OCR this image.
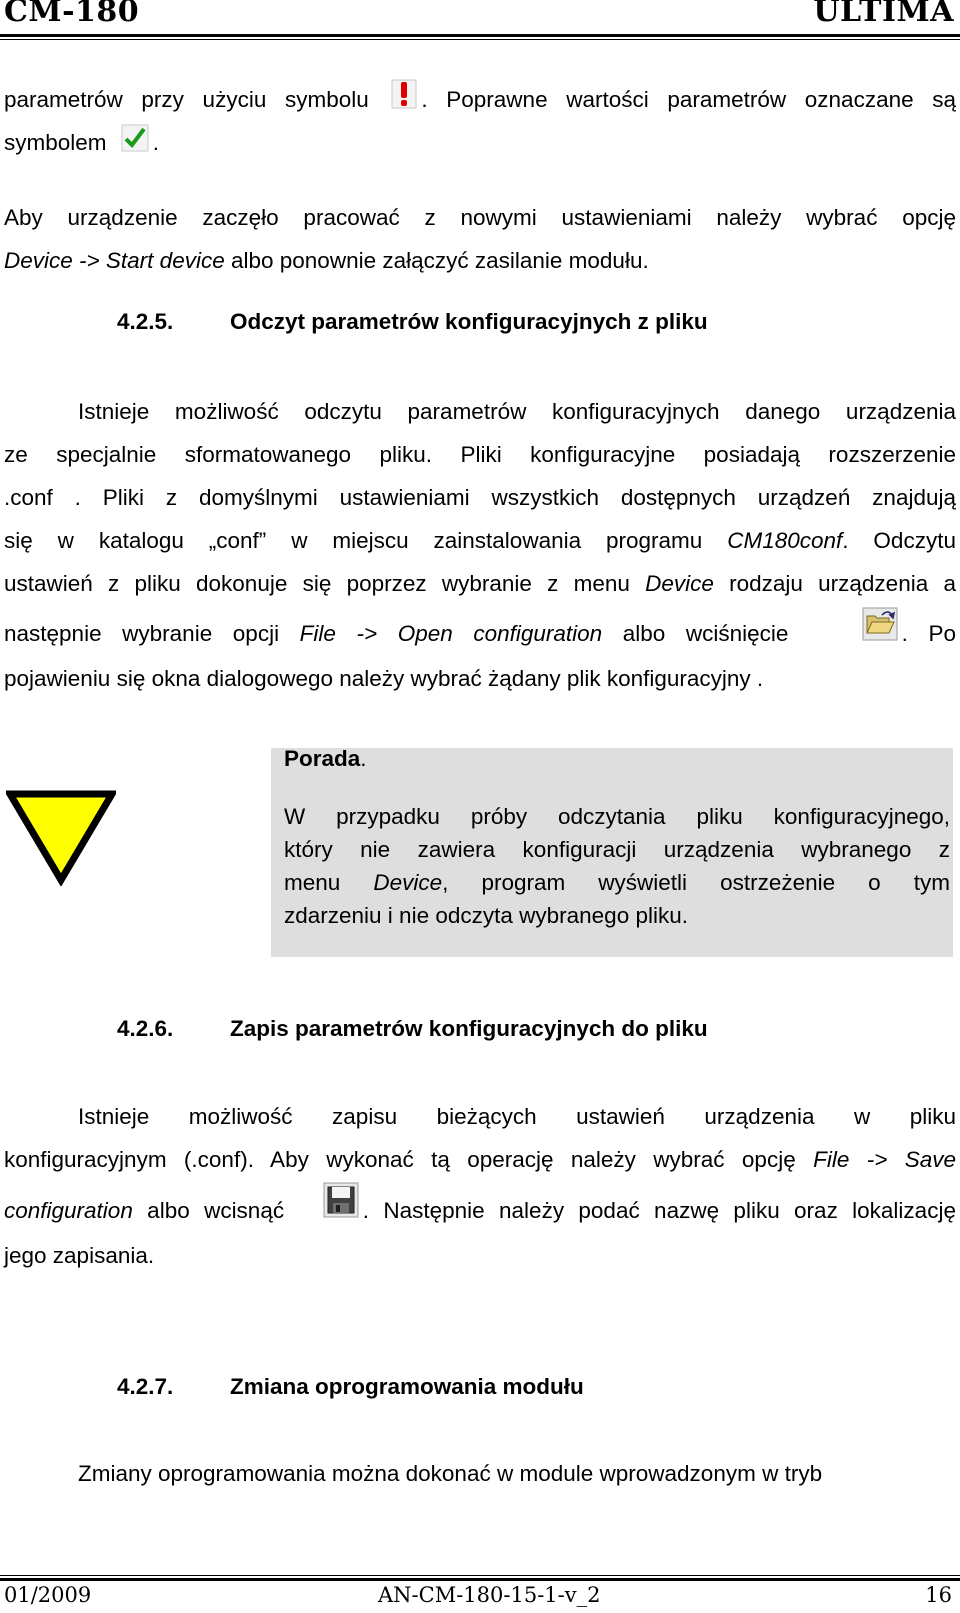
CM-180	ULTIMA
parametrów przy użyciu symbolu . Poprawne wartości parametrów oznaczane są
symbolem .
Aby urządzenie zaczęło pracować z nowymi ustawieniami należy wybrać opcję
Device -> Start device albo ponownie załączyć zasilanie modułu.
4.2.5.	Odczyt parametrów konfiguracyjnych z pliku
Istnieje możliwość odczytu parametrów konfiguracyjnych danego urządzenia
ze specjalnie sformatowanego pliku. Pliki konfiguracyjne posiadają rozszerzenie
.conf . Pliki z domyślnymi ustawieniami wszystkich dostępnych urządzeń znajdują
się w katalogu „conf” w miejscu zainstalowania programu CM180conf. Odczytu
ustawień z pliku dokonuje się poprzez wybranie z menu Device rodzaju urządzenia a
następnie wybranie opcji File -> Open configuration albo wciśnięcie	. Po
pojawieniu się okna dialogowego należy wybrać żądany plik konfiguracyjny .
Porada.
W przypadku próby odczytania pliku konfiguracyjnego,
który nie zawiera konfiguracji urządzenia wybranego z
menu Device, program wyświetli ostrzeżenie o tym
zdarzeniu i nie odczyta wybranego pliku.
4.2.6.	Zapis parametrów konfiguracyjnych do pliku
Istnieje możliwość zapisu bieżących ustawień urządzenia w pliku
konfiguracyjnym (.conf). Aby wykonać tą operację należy wybrać opcję File -> Save
configuration albo wcisnąć	. Następnie należy podać nazwę pliku oraz lokalizację
jego zapisania.
4.2.7.	Zmiana oprogramowania modułu
Zmiany oprogramowania można dokonać w module wprowadzonym w tryb
01/2009	AN-CM-180-15-1-v_2	16
